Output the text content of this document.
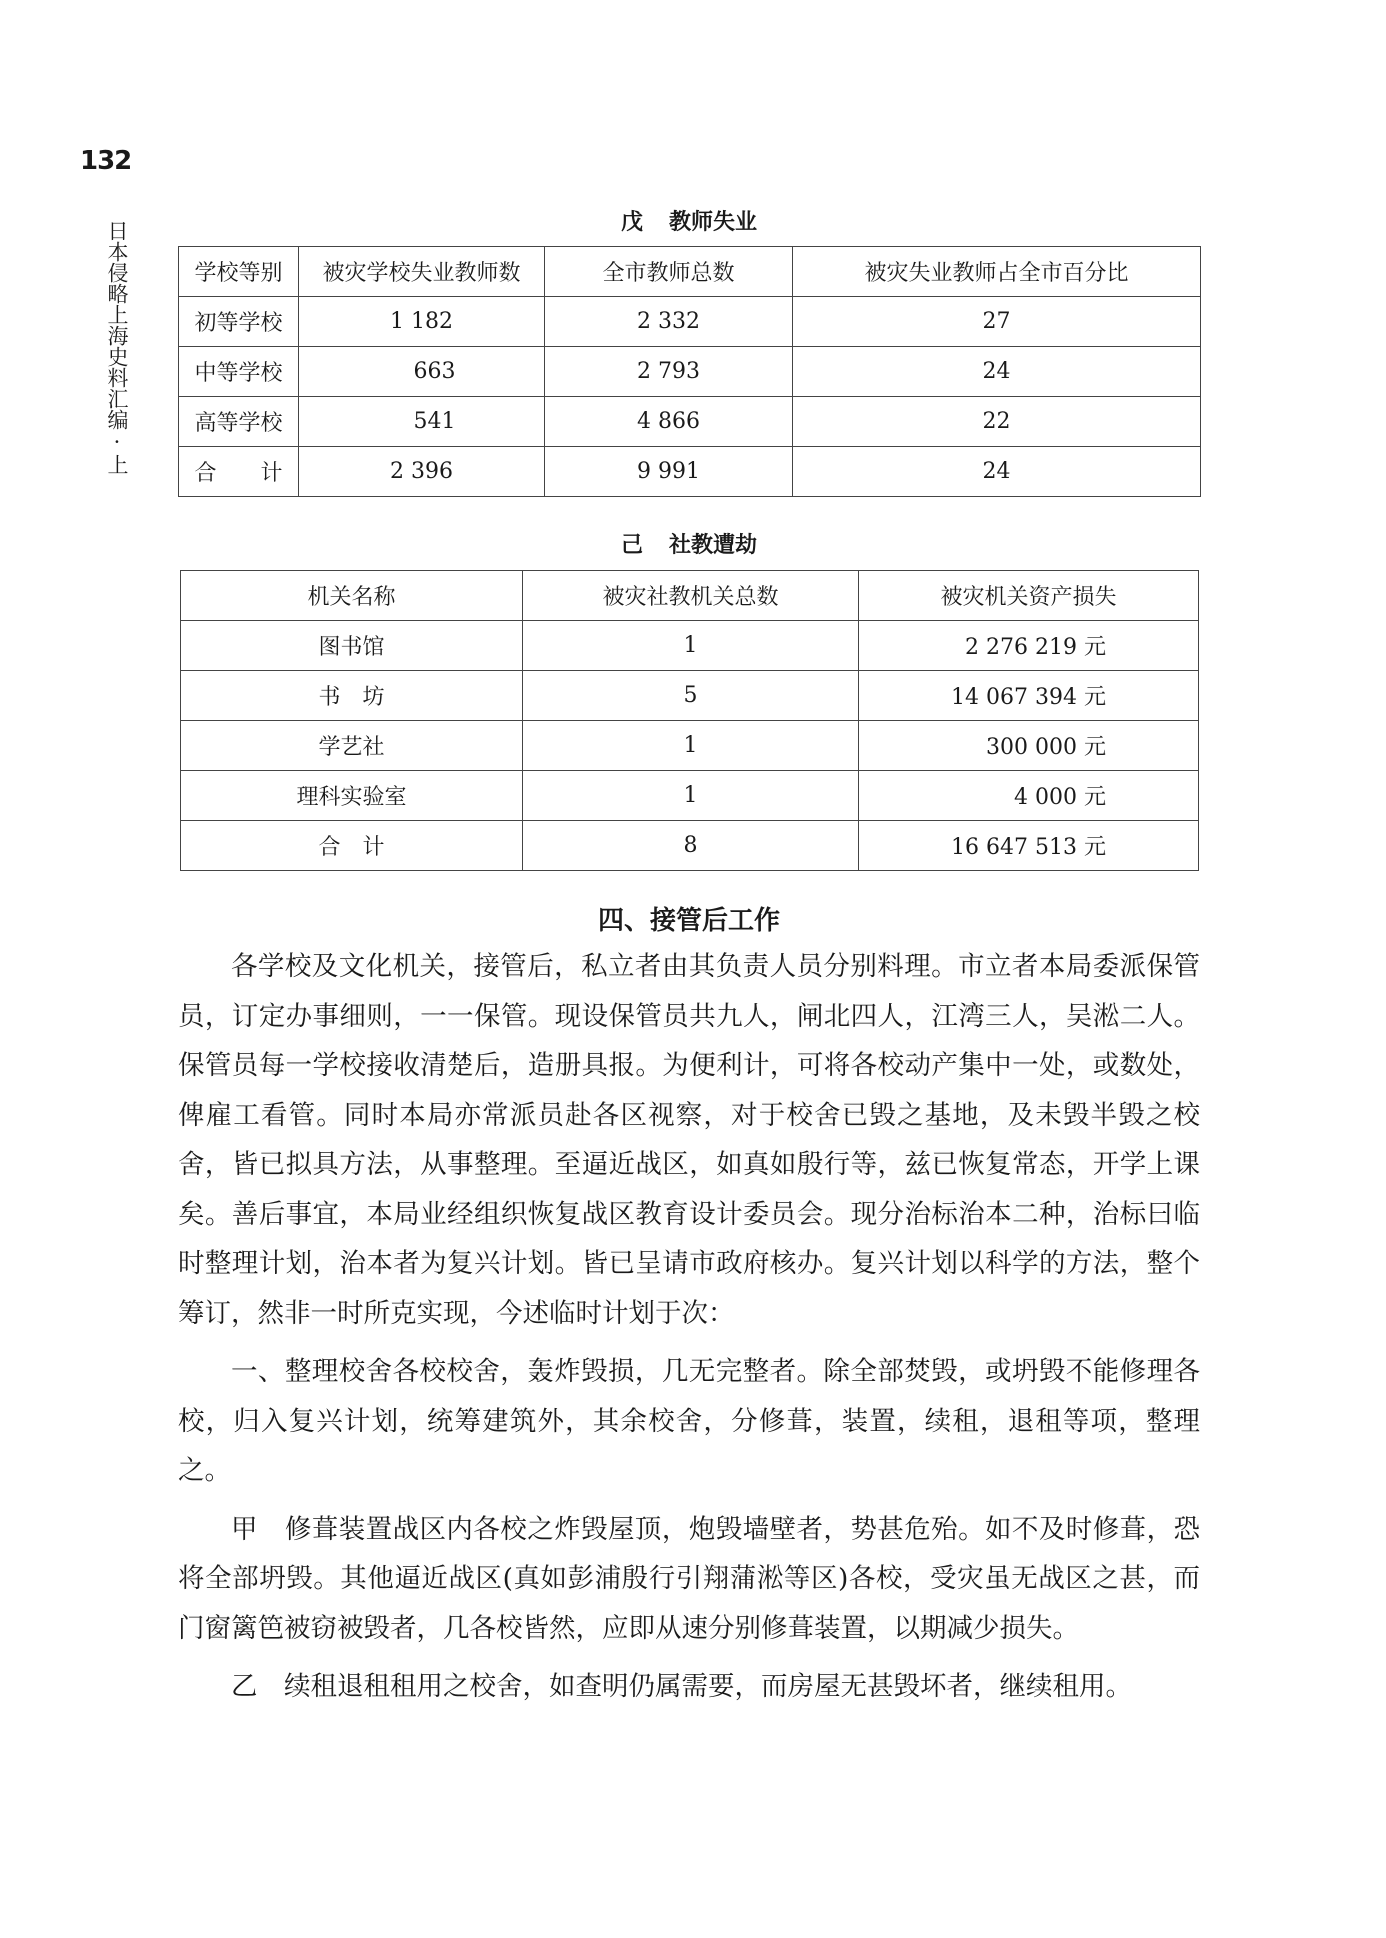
132
日本侵略上海史料汇编·上	戊 教师失业
学校等别	被灾学校失业教师数	全市教师总数	被灾失业教师占全市百分比
初等学校	1 182	2 332	27
中等学校	663	2 793	24
高等学校	541	4 866	22
合　　计	2 396	9 991	24
己 社教遭劫
机关名称	被灾社教机关总数	被灾机关资产损失
图书馆	1	2 276 219 元
书　坊	5	14 067 394 元
学艺社	1	300 000 元
理科实验室	1	4 000 元
合　计	8	16 647 513 元
四、接管后工作

各学校及文化机关，接管后，私立者由其负责人员分别料理。市立者本局委派保管员，订定办事细则，一一保管。现设保管员共九人，闸北四人，江湾三人，吴淞二人。保管员每一学校接收清楚后，造册具报。为便利计，可将各校动产集中一处，或数处，俾雇工看管。同时本局亦常派员赴各区视察，对于校舍已毁之基地，及未毁半毁之校舍，皆已拟具方法，从事整理。至逼近战区，如真如殷行等，兹已恢复常态，开学上课矣。善后事宜，本局业经组织恢复战区教育设计委员会。现分治标治本二种，治标曰临时整理计划，治本者为复兴计划。皆已呈请市政府核办。复兴计划以科学的方法，整个筹订，然非一时所克实现，今述临时计划于次：

一、整理校舍各校校舍，轰炸毁损，几无完整者。除全部焚毁，或坍毁不能修理各校，归入复兴计划，统筹建筑外，其余校舍，分修葺，装置，续租，退租等项，整理之。

甲　修葺装置战区内各校之炸毁屋顶，炮毁墙壁者，势甚危殆。如不及时修葺，恐将全部坍毁。其他逼近战区(真如彭浦殷行引翔蒲淞等区)各校，受灾虽无战区之甚，而门窗篱笆被窃被毁者，几各校皆然，应即从速分别修葺装置，以期减少损失。

乙　续租退租租用之校舍，如查明仍属需要，而房屋无甚毁坏者，继续租用。
